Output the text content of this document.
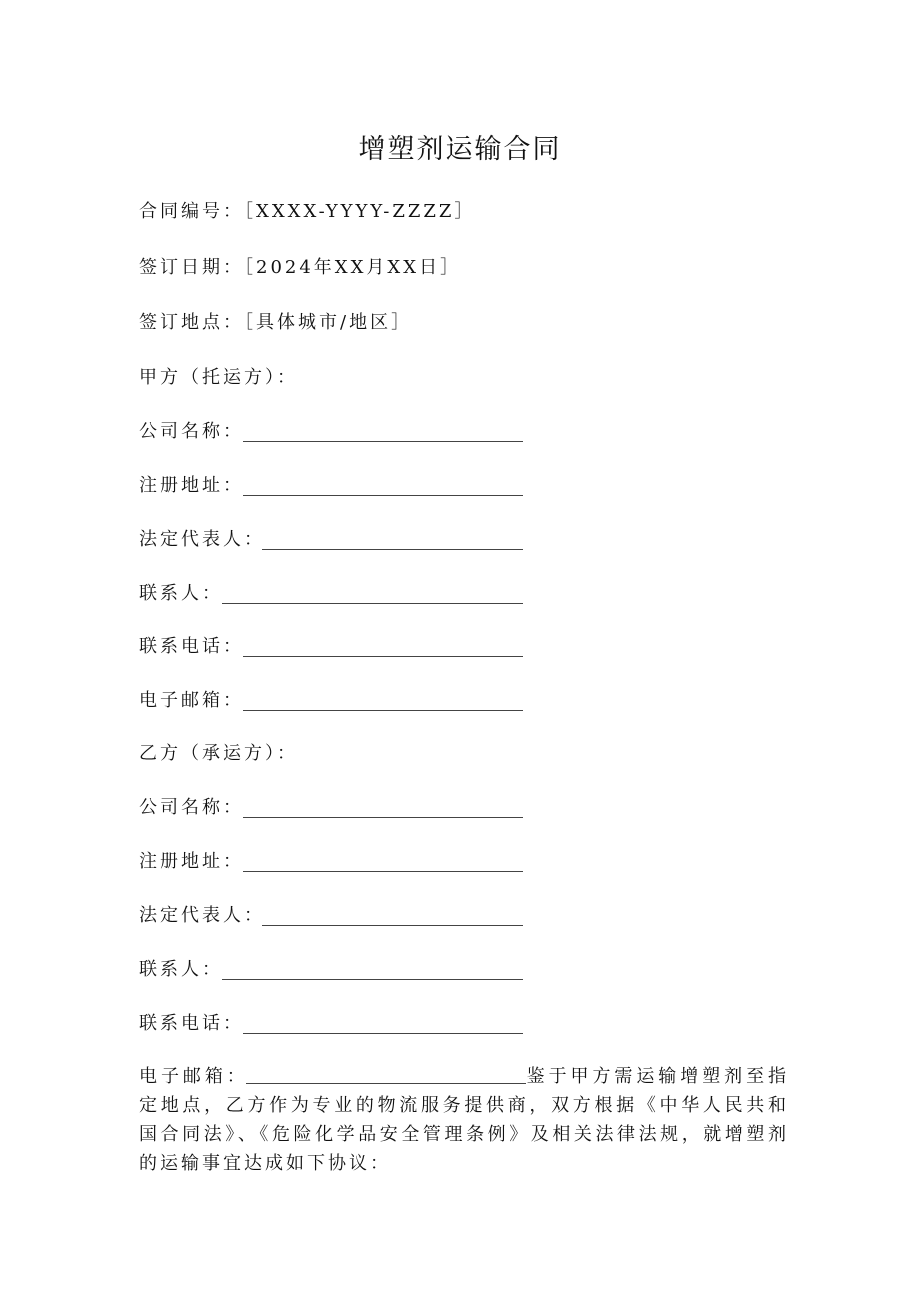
增塑剂运输合同
合同编号：［XXXX-YYYY-ZZZZ］
签订日期：［2024年XX月XX日］
签订地点：［具体城市/地区］
甲方（托运方）：
公司名称：
注册地址：
法定代表人：
联系人：
联系电话：
电子邮箱：
乙方（承运方）：
公司名称：
注册地址：
法定代表人：
联系人：
联系电话：
电子邮箱：	鉴于甲方需运输增塑剂至指定地点，乙方作为专业的物流服务提供商，双方根据《中华人民共和国合同法》、《危险化学品安全管理条例》及相关法律法规，就增塑剂的运输事宜达成如下协议：
